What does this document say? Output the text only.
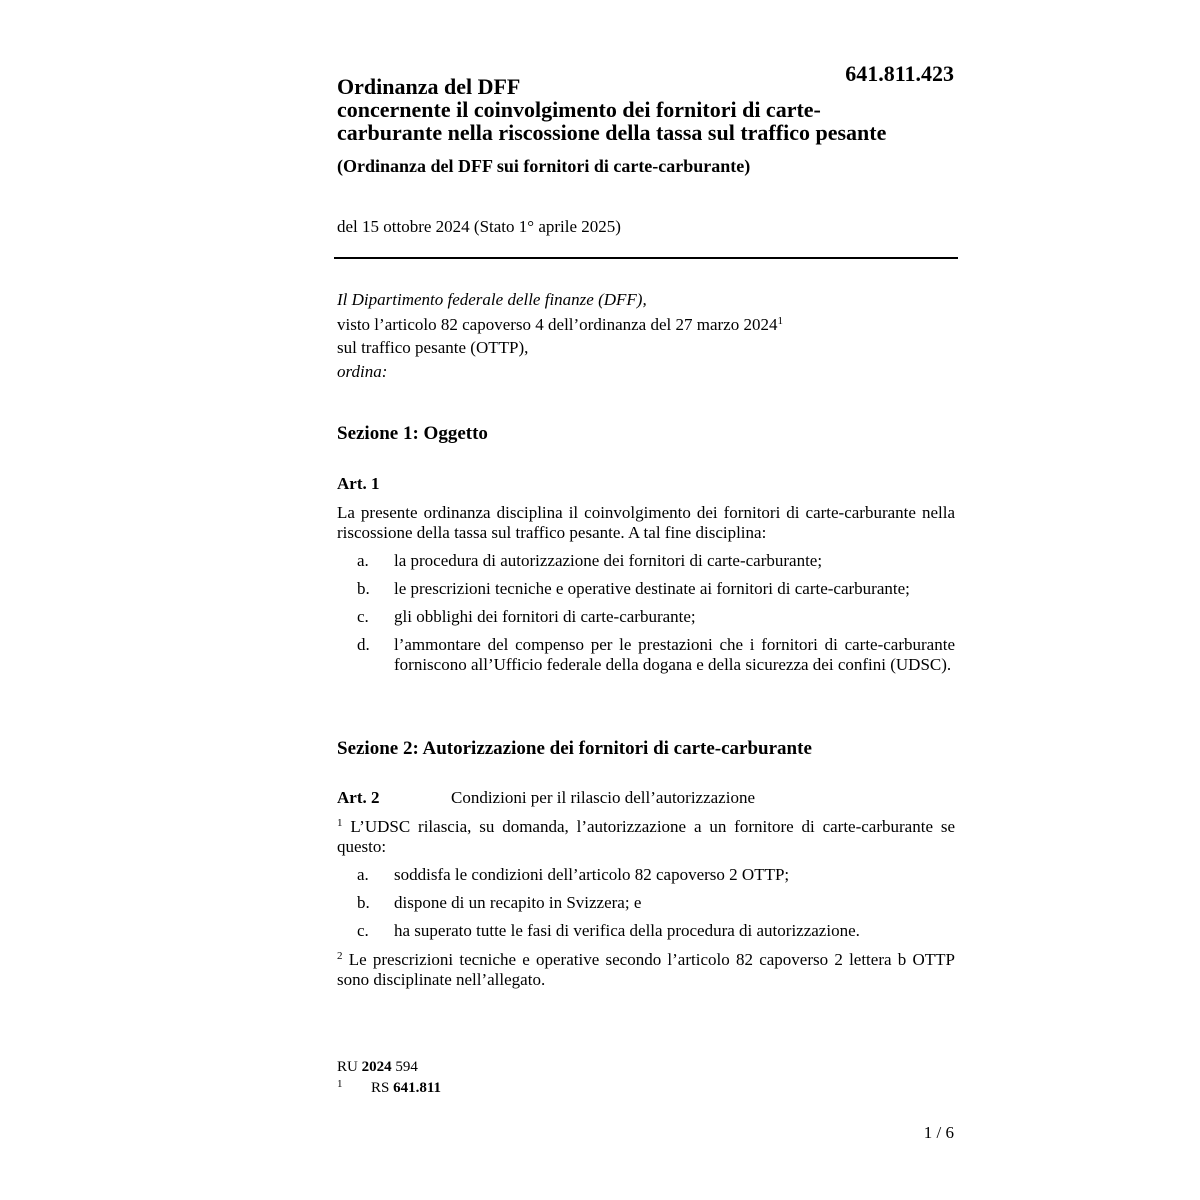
641.811.423
Ordinanza del DFF
concernente il coinvolgimento dei fornitori di carte-
carburante nella riscossione della tassa sul traffico pesante
(Ordinanza del DFF sui fornitori di carte-carburante)
del 15 ottobre 2024 (Stato 1° aprile 2025)
Il Dipartimento federale delle finanze (DFF),
visto l’articolo 82 capoverso 4 dell’ordinanza del 27 marzo 2024$^1$
sul traffico pesante (OTTP),
ordina:
Sezione 1: Oggetto
Art. 1
La presente ordinanza disciplina il coinvolgimento dei fornitori di carte-carburante nella riscossione della tassa sul traffico pesante. A tal fine disciplina:
a. la procedura di autorizzazione dei fornitori di carte-carburante;
b. le prescrizioni tecniche e operative destinate ai fornitori di carte-carburante;
c. gli obblighi dei fornitori di carte-carburante;
d. l’ammontare del compenso per le prestazioni che i fornitori di carte-carburante forniscono all’Ufficio federale della dogana e della sicurezza dei confini (UDSC).
Sezione 2: Autorizzazione dei fornitori di carte-carburante
Art. 2	Condizioni per il rilascio dell’autorizzazione
$^1$ L’UDSC rilascia, su domanda, l’autorizzazione a un fornitore di carte-carburante se questo:
a. soddisfa le condizioni dell’articolo 82 capoverso 2 OTTP;
b. dispone di un recapito in Svizzera; e
c. ha superato tutte le fasi di verifica della procedura di autorizzazione.
$^2$ Le prescrizioni tecniche e operative secondo l’articolo 82 capoverso 2 lettera b OTTP sono disciplinate nell’allegato.
RU 2024 594
1 RS 641.811
1 / 6
